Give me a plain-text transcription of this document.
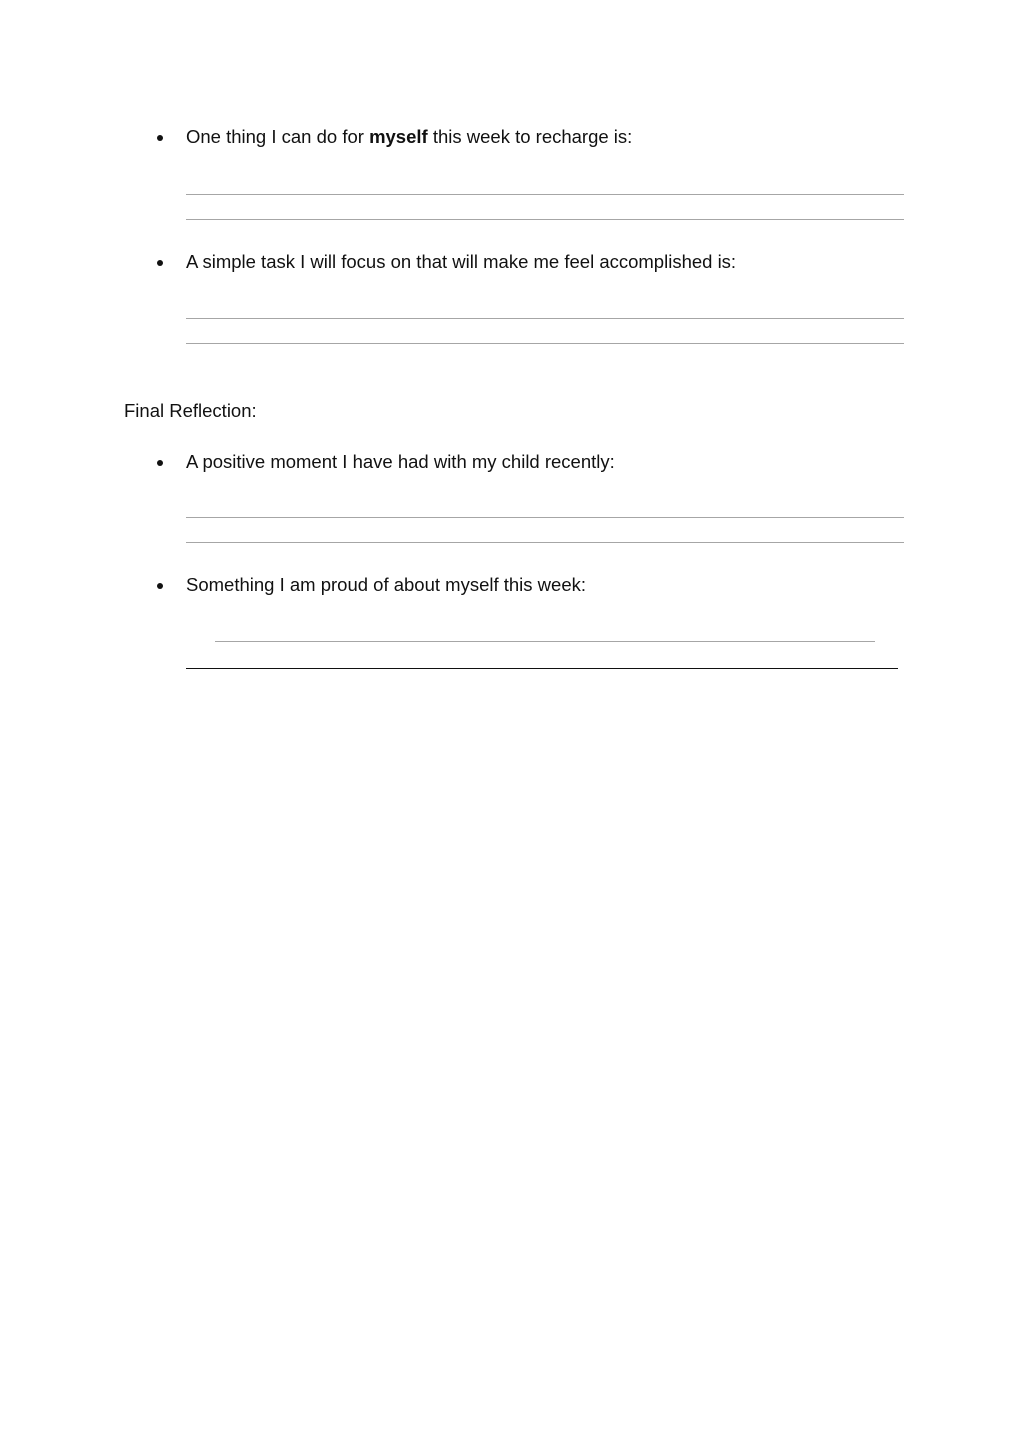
One thing I can do for myself this week to recharge is:
A simple task I will focus on that will make me feel accomplished is:
Final Reflection:
A positive moment I have had with my child recently:
Something I am proud of about myself this week:
